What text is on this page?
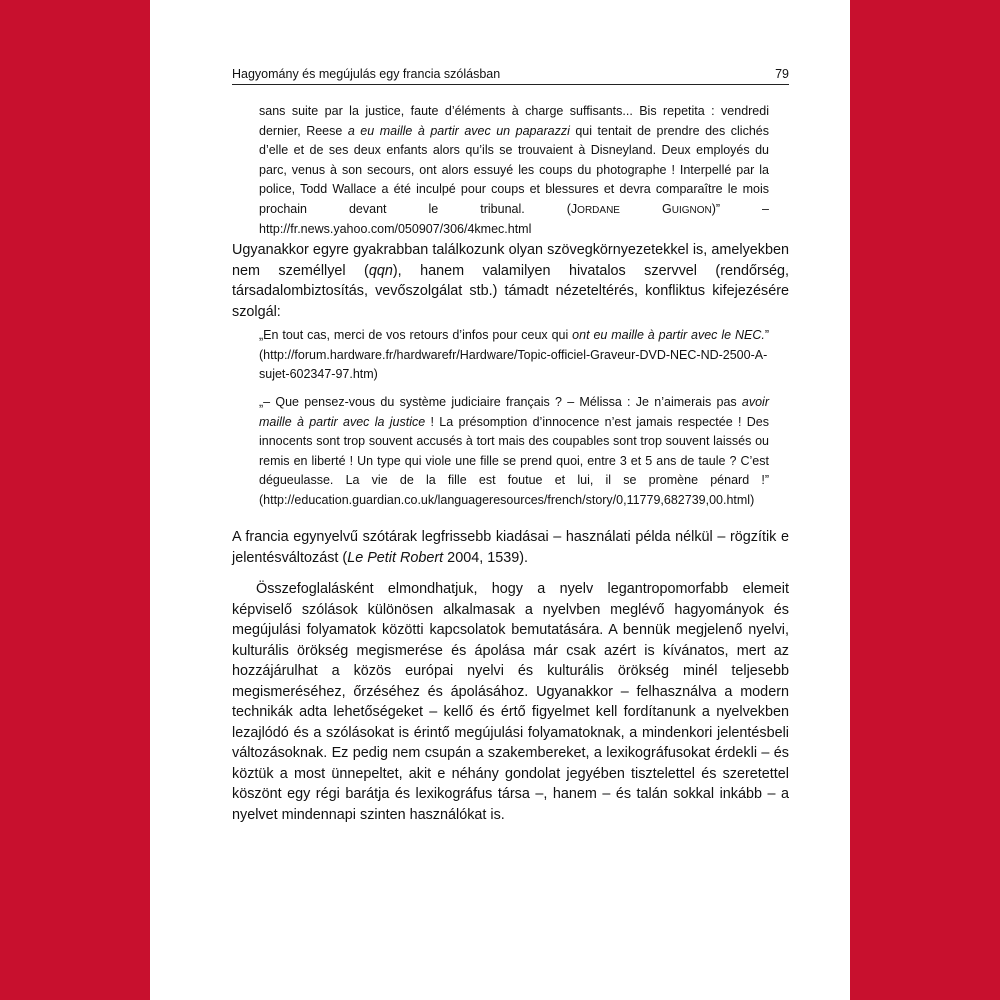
Hagyomány és megújulás egy francia szólásban	79

sans suite par la justice, faute d’éléments à charge suffisants... Bis repetita : vendredi dernier, Reese a eu maille à partir avec un paparazzi qui tentait de prendre des clichés d’elle et de ses deux enfants alors qu’ils se trouvaient à Disneyland. Deux employés du parc, venus à son secours, ont alors essuyé les coups du photographe ! Interpellé par la police, Todd Wallace a été inculpé pour coups et blessures et devra comparaître le mois prochain devant le tribunal. (JORDANE GUIGNON)” – http://fr.news.yahoo.com/050907/306/4kmec.html

Ugyanakkor egyre gyakrabban találkozunk olyan szövegkörnyezetekkel is, amelyekben nem személlyel (qqn), hanem valamilyen hivatalos szervvel (rendőrség, társadalombiztosítás, vevőszolgálat stb.) támadt nézeteltérés, konfliktus kifejezésére szolgál:

„En tout cas, merci de vos retours d’infos pour ceux qui ont eu maille à partir avec le NEC.” (http://forum.hardware.fr/hardwarefr/Hardware/Topic-officiel-Graveur-DVD-NEC-ND-2500-A-sujet-602347-97.htm)

„– Que pensez-vous du système judiciaire français ? – Mélissa : Je n’aimerais pas avoir maille à partir avec la justice ! La présomption d’innocence n’est jamais respectée ! Des innocents sont trop souvent accusés à tort mais des coupables sont trop souvent laissés ou remis en liberté ! Un type qui viole une fille se prend quoi, entre 3 et 5 ans de taule ? C’est dégueulasse. La vie de la fille est foutue et lui, il se promène pénard !” (http://education.guardian.co.uk/languageresources/french/story/0,11779,682739,00.html)

A francia egynyelvű szótárak legfrissebb kiadásai – használati példa nélkül – rögzítik e jelentésváltozást (Le Petit Robert 2004, 1539).

Összefoglalásként elmondhatjuk, hogy a nyelv legantropomorfabb elemeit képviselő szólások különösen alkalmasak a nyelvben meglévő hagyományok és megújulási folyamatok közötti kapcsolatok bemutatására. A bennük megjelenő nyelvi, kulturális örökség megismerése és ápolása már csak azért is kívánatos, mert az hozzájárulhat a közös európai nyelvi és kulturális örökség minél teljesebb megismeréséhez, őrzéséhez és ápolásához. Ugyanakkor – felhasználva a modern technikák adta lehetőségeket – kellő és értő figyelmet kell fordítanunk a nyelvekben lezajlódó és a szólásokat is érintő megújulási folyamatoknak, a mindenkori jelentésbeli változásoknak. Ez pedig nem csupán a szakembereket, a lexikográfusokat érdekli – és köztük a most ünnepeltet, akit e néhány gondolat jegyében tisztelettel és szeretettel köszönt egy régi barátja és lexikográfus társa –, hanem – és talán sokkal inkább – a nyelvet mindennapi szinten használókat is.
